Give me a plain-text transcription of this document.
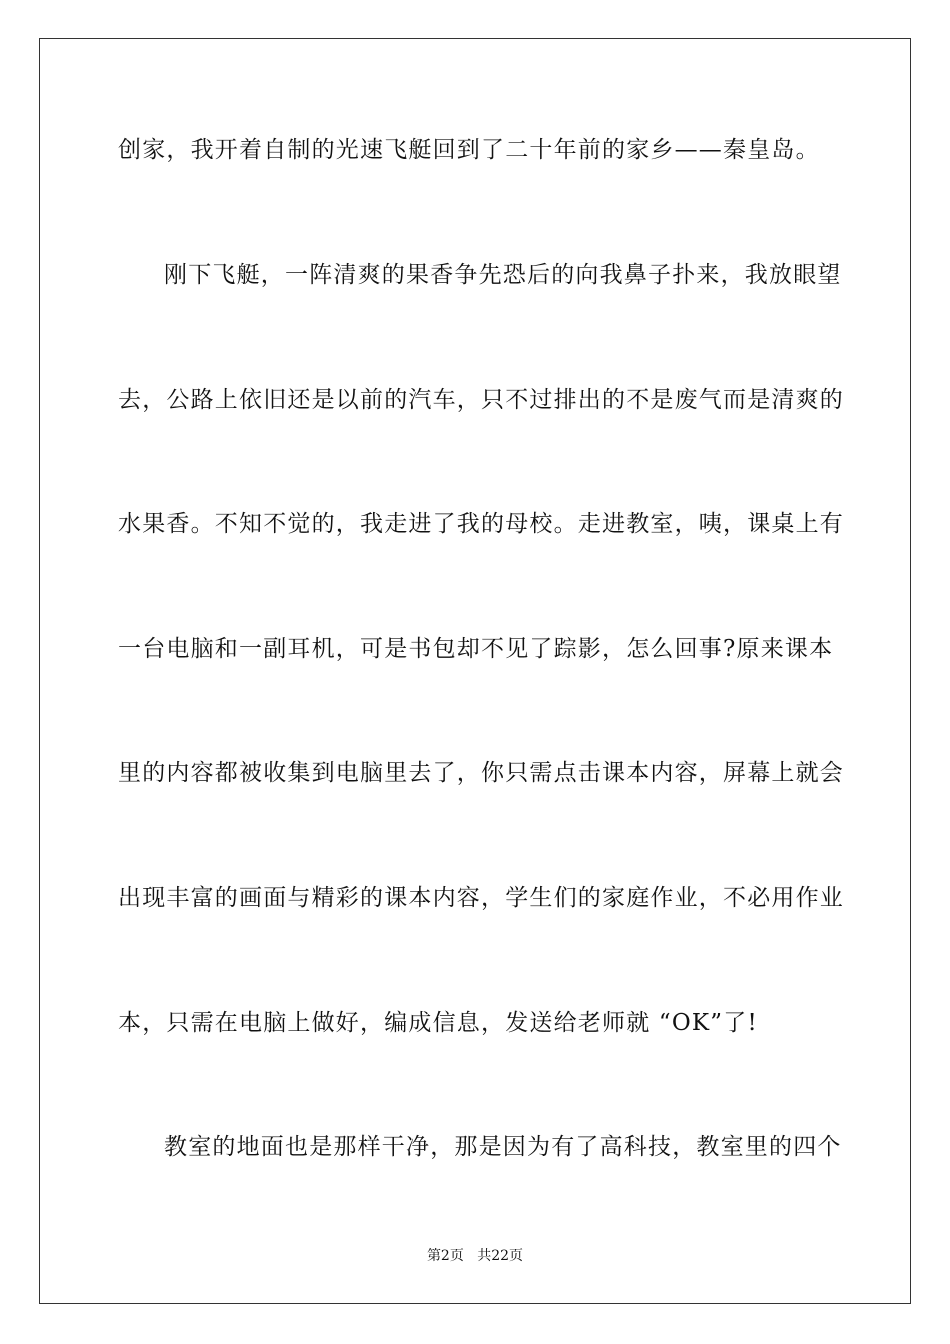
创家，我开着自制的光速飞艇回到了二十年前的家乡——秦皇岛。
刚下飞艇，一阵清爽的果香争先恐后的向我鼻子扑来，我放眼望
去，公路上依旧还是以前的汽车，只不过排出的不是废气而是清爽的
水果香。不知不觉的，我走进了我的母校。走进教室，咦，课桌上有
一台电脑和一副耳机，可是书包却不见了踪影，怎么回事?原来课本
里的内容都被收集到电脑里去了，你只需点击课本内容，屏幕上就会
出现丰富的画面与精彩的课本内容，学生们的家庭作业，不必用作业
本，只需在电脑上做好，编成信息，发送给老师就 “OK”了!
教室的地面也是那样干净，那是因为有了高科技，教室里的四个
第2页 共22页
